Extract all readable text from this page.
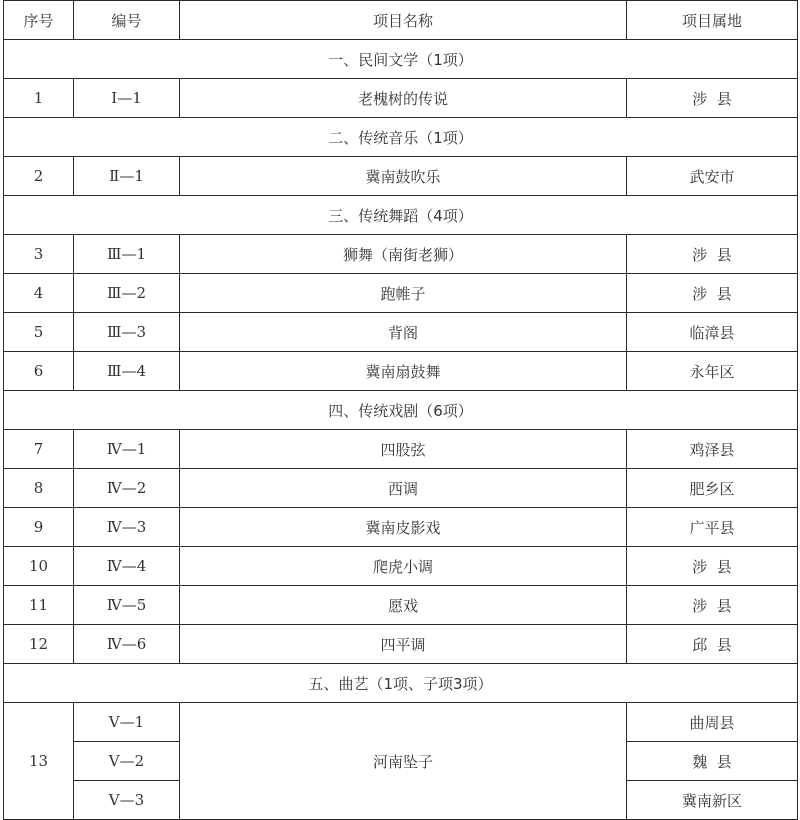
序号	编号	项目名称	项目属地
一、民间文学（1项）			
1	Ⅰ—1	老槐树的传说	涉  县
二、传统音乐（1项）			
2	Ⅱ—1	冀南鼓吹乐	武安市
三、传统舞蹈（4项）			
3	Ⅲ—1	狮舞（南街老狮）	涉  县
4	Ⅲ—2	跑帷子	涉  县
5	Ⅲ—3	背阁	临漳县
6	Ⅲ—4	冀南扇鼓舞	永年区
四、传统戏剧（6项）			
7	Ⅳ—1	四股弦	鸡泽县
8	Ⅳ—2	西调	肥乡区
9	Ⅳ—3	冀南皮影戏	广平县
10	Ⅳ—4	爬虎小调	涉  县
11	Ⅳ—5	愿戏	涉  县
12	Ⅳ—6	四平调	邱  县
五、曲艺（1项、子项3项）			
13	Ⅴ—1	河南坠子	曲周县
	Ⅴ—2		魏  县
	Ⅴ—3		冀南新区
